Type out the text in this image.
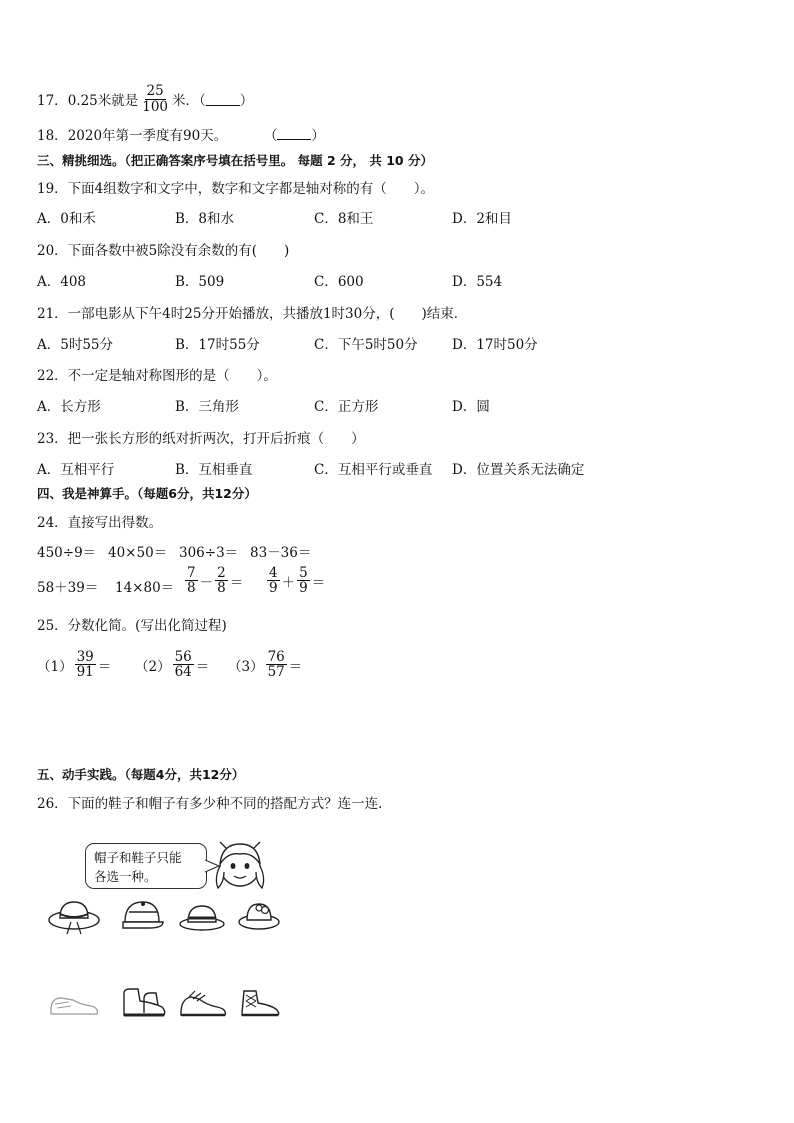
17． 0.25米就是 $\frac{25}{100}$ 米．（	）
18．2020年第一季度有90天。	（	）
三、精挑细选。（把正确答案序号填在括号里。 每题 2 分， 共 10 分）
19．下面4组数字和文字中，数字和文字都是轴对称的有（　　）。
A．0和禾	B．8和水	C．8和王	D．2和目
20．下面各数中被5除没有余数的有(　　)
A．408	B．509	C．600	D．554
21．一部电影从下午4时25分开始播放，共播放1时30分，(　　)结束．
A．5时55分	B．17时55分	C．下午5时50分	D．17时50分
22．不一定是轴对称图形的是（　　）。
A．长方形	B．三角形	C．正方形	D．圆
23．把一张长方形的纸对折两次，打开后折痕（　　）
A．互相平行	B．互相垂直	C．互相平行或垂直 D．位置关系无法确定
四、我是神算手。（每题6分，共12分）
24．直接写出得数。
450÷9＝ 40×50＝ 306÷3＝ 83－36＝
$58+39= 14\times 80= \frac{7}{8} - \frac{2}{8} = \frac{4}{9} + \frac{5}{9}$ ＝
25．分数化简。(写出化简过程)
$(1) \frac{39}{91} = (2) \frac{56}{64} = (3) \frac{76}{57}$ ＝
五、动手实践。（每题4分，共12分）
26．下面的鞋子和帽子有多少种不同的搭配方式？连一连．
帽子和鞋子只能
各选一种。
